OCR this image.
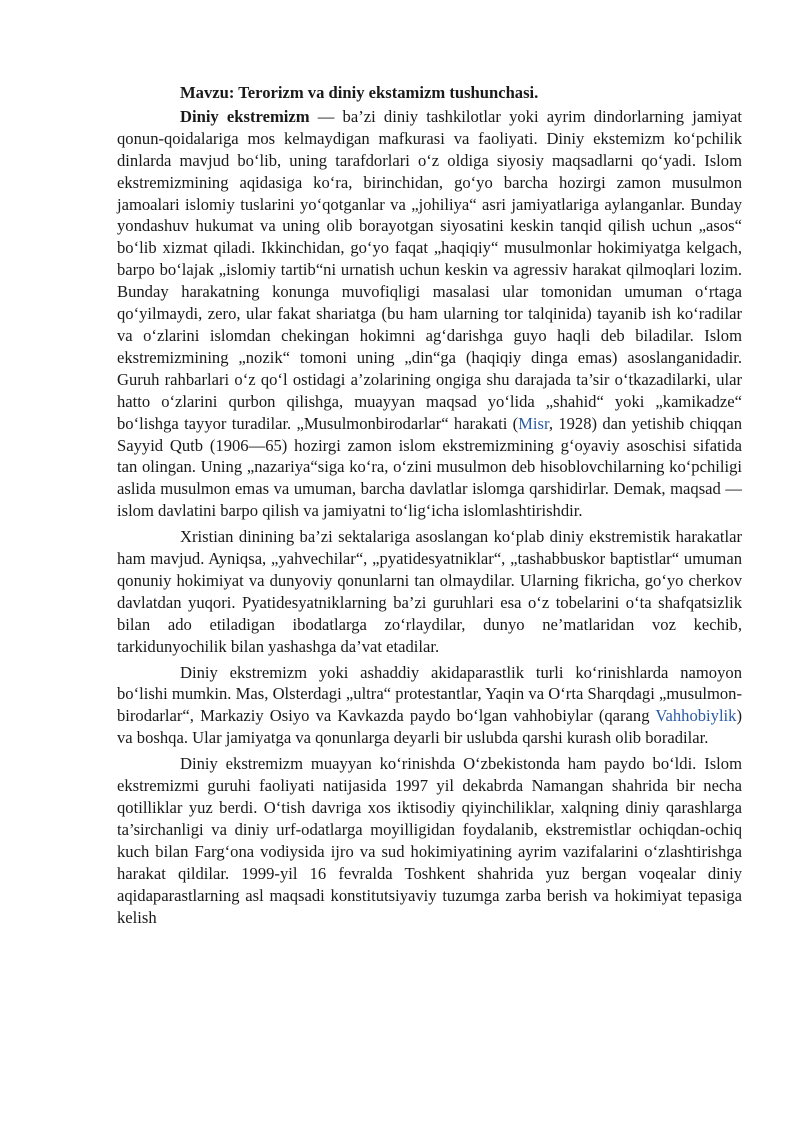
Mavzu: Terorizm va diniy ekstamizm tushunchasi.

Diniy ekstremizm — ba’zi diniy tashkilotlar yoki ayrim dindorlarning jamiyat qonun-qoidalariga mos kelmaydigan mafkurasi va faoliyati. Diniy ekstemizm ko‘pchilik dinlarda mavjud bo‘lib, uning tarafdorlari o‘z oldiga siyosiy maqsadlarni qo‘yadi. Islom ekstremizmining aqidasiga ko‘ra, birinchidan, go‘yo barcha hozirgi zamon musulmon jamoalari islomiy tuslarini yo‘qotganlar va „johiliya“ asri jamiyatlariga aylanganlar. Bunday yondashuv hukumat va uning olib borayotgan siyosatini keskin tanqid qilish uchun „asos“ bo‘lib xizmat qiladi. Ikkinchidan, go‘yo faqat „haqiqiy“ musulmonlar hokimiyatga kelgach, barpo bo‘lajak „islomiy tartib“ni urnatish uchun keskin va agressiv harakat qilmoqlari lozim. Bunday harakatning konunga muvofiqligi masalasi ular tomonidan umuman o‘rtaga qo‘yilmaydi, zero, ular fakat shariatga (bu ham ularning tor talqinida) tayanib ish ko‘radilar va o‘zlarini islomdan chekingan hokimni ag‘darishga guyo haqli deb biladilar. Islom ekstremizmining „nozik“ tomoni uning „din“ga (haqiqiy dinga emas) asoslanganidadir. Guruh rahbarlari o‘z qo‘l ostidagi a’zolarining ongiga shu darajada ta’sir o‘tkazadilarki, ular hatto o‘zlarini qurbon qilishga, muayyan maqsad yo‘lida „shahid“ yoki „kamikadze“ bo‘lishga tayyor turadilar. „Musulmonbirodarlar“ harakati (Misr, 1928) dan yetishib chiqqan Sayyid Qutb (1906—65) hozirgi zamon islom ekstremizmining g‘oyaviy asoschisi sifatida tan olingan. Uning „nazariya“siga ko‘ra, o‘zini musulmon deb hisoblovchilarning ko‘pchiligi aslida musulmon emas va umuman, barcha davlatlar islomga qarshidirlar. Demak, maqsad — islom davlatini barpo qilish va jamiyatni to‘lig‘icha islomlashtirishdir.

Xristian dinining ba’zi sektalariga asoslangan ko‘plab diniy ekstremistik harakatlar ham mavjud. Ayniqsa, „yahvechilar“, „pyatidesyatniklar“, „tashabbuskor baptistlar“ umuman qonuniy hokimiyat va dunyoviy qonunlarni tan olmaydilar. Ularning fikricha, go‘yo cherkov davlatdan yuqori. Pyatidesyatniklarning ba’zi guruhlari esa o‘z tobelarini o‘ta shafqatsizlik bilan ado etiladigan ibodatlarga zo‘rlaydilar, dunyo ne’matlaridan voz kechib, tarkidunyochilik bilan yashashga da’vat etadilar.

Diniy ekstremizm yoki ashaddiy akidaparastlik turli ko‘rinishlarda namoyon bo‘lishi mumkin. Mas, Olsterdagi „ultra“ protestantlar, Yaqin va O‘rta Sharqdagi „musulmon-birodarlar“, Markaziy Osiyo va Kavkazda paydo bo‘lgan vahhobiylar (qarang Vahhobiylik) va boshqa. Ular jamiyatga va qonunlarga deyarli bir uslubda qarshi kurash olib boradilar.

Diniy ekstremizm muayyan ko‘rinishda O‘zbekistonda ham paydo bo‘ldi. Islom ekstremizmi guruhi faoliyati natijasida 1997 yil dekabrda Namangan shahrida bir necha qotilliklar yuz berdi. O‘tish davriga xos iktisodiy qiyinchiliklar, xalqning diniy qarashlarga ta’sirchanligi va diniy urf-odatlarga moyilligidan foydalanib, ekstremistlar ochiqdan-ochiq kuch bilan Farg‘ona vodiysida ijro va sud hokimiyatining ayrim vazifalarini o‘zlashtirishga harakat qildilar. 1999-yil 16 fevralda Toshkent shahrida yuz bergan voqealar diniy aqidaparastlarning asl maqsadi konstitutsiyaviy tuzumga zarba berish va hokimiyat tepasiga kelish
